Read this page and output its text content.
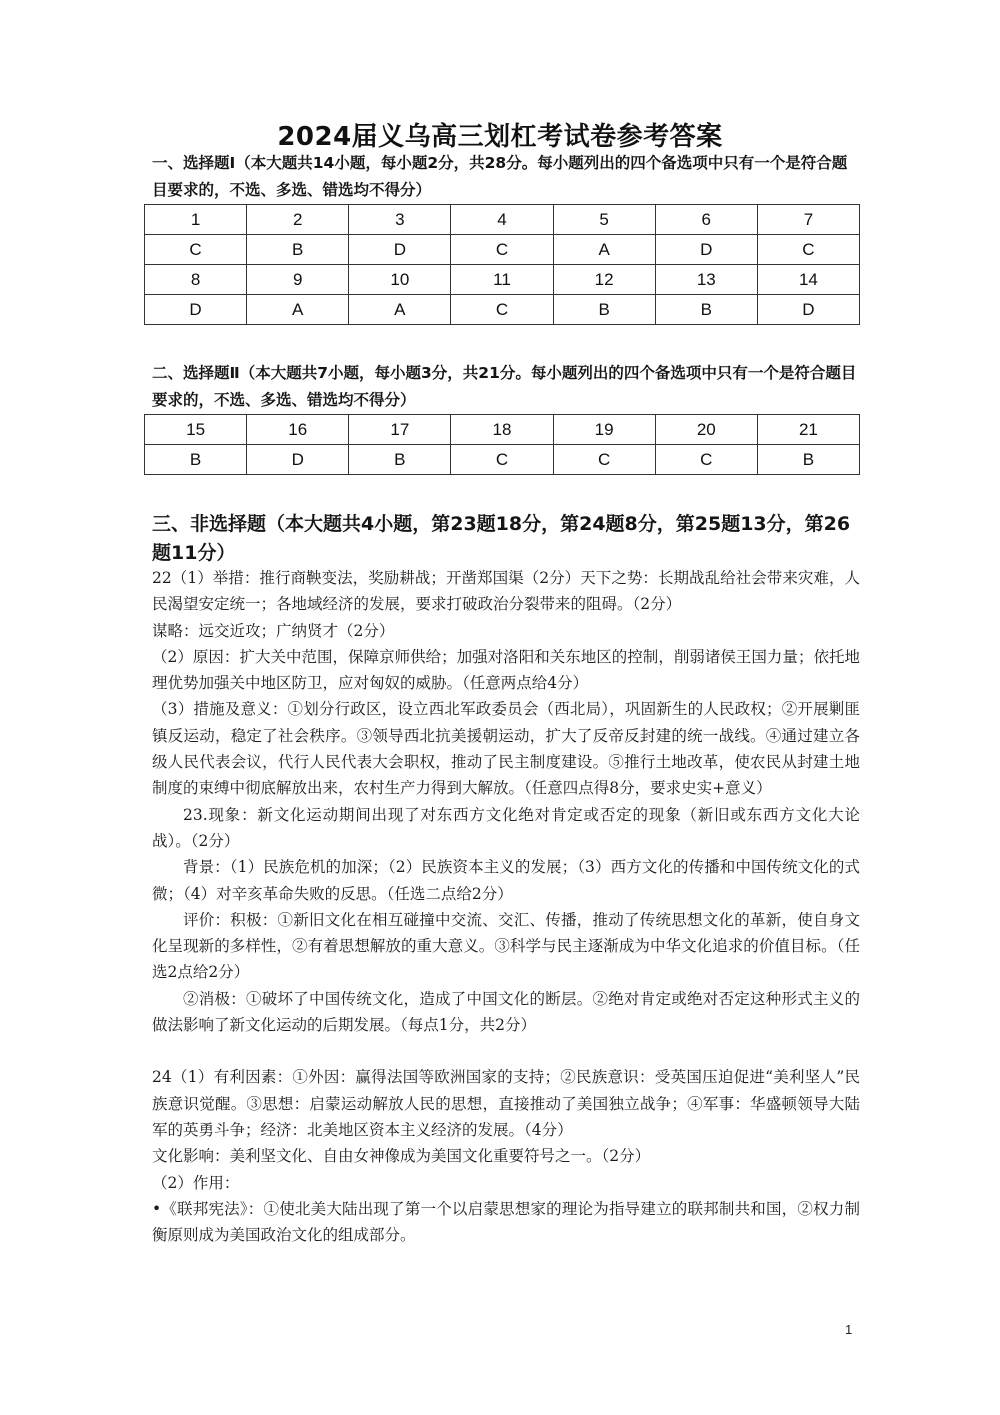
2024届义乌高三划杠考试卷参考答案
一、选择题Ⅰ（本大题共14小题，每小题2分，共28分。每小题列出的四个备选项中只有一个是符合题目要求的，不选、多选、错选均不得分）
1	2	3	4	5	6	7
C	B	D	C	A	D	C
8	9	10	11	12	13	14
D	A	A	C	B	B	D
二、选择题Ⅱ（本大题共7小题，每小题3分，共21分。每小题列出的四个备选项中只有一个是符合题目要求的，不选、多选、错选均不得分）
15	16	17	18	19	20	21
B	D	B	C	C	C	B
三、非选择题（本大题共4小题，第23题18分，第24题8分，第25题13分，第26题11分）

22（1）举措：推行商鞅变法，奖励耕战；开凿郑国渠（2分）天下之势：长期战乱给社会带来灾难，人民渴望安定统一；各地域经济的发展，要求打破政治分裂带来的阻碍。（2分）

谋略：远交近攻；广纳贤才（2分）

（2）原因：扩大关中范围，保障京师供给；加强对洛阳和关东地区的控制，削弱诸侯王国力量；依托地理优势加强关中地区防卫，应对匈奴的威胁。（任意两点给4分）

（3）措施及意义：①划分行政区，设立西北军政委员会（西北局），巩固新生的人民政权；②开展剿匪镇反运动，稳定了社会秩序。③领导西北抗美援朝运动，扩大了反帝反封建的统一战线。④通过建立各级人民代表会议，代行人民代表大会职权，推动了民主制度建设。⑤推行土地改革，使农民从封建土地制度的束缚中彻底解放出来，农村生产力得到大解放。（任意四点得8分，要求史实+意义）

23.现象：新文化运动期间出现了对东西方文化绝对肯定或否定的现象（新旧或东西方文化大论战）。（2分）

背景：（1）民族危机的加深；（2）民族资本主义的发展；（3）西方文化的传播和中国传统文化的式微；（4）对辛亥革命失败的反思。（任选二点给2分）

评价：积极：①新旧文化在相互碰撞中交流、交汇、传播，推动了传统思想文化的革新，使自身文化呈现新的多样性，②有着思想解放的重大意义。③科学与民主逐渐成为中华文化追求的价值目标。（任选2点给2分）

②消极：①破坏了中国传统文化，造成了中国文化的断层。②绝对肯定或绝对否定这种形式主义的做法影响了新文化运动的后期发展。（每点1分，共2分）

24（1）有利因素：①外因：赢得法国等欧洲国家的支持；②民族意识：受英国压迫促进“美利坚人”民族意识觉醒。③思想：启蒙运动解放人民的思想，直接推动了美国独立战争；④军事：华盛顿领导大陆军的英勇斗争；经济：北美地区资本主义经济的发展。（4分）

文化影响：美利坚文化、自由女神像成为美国文化重要符号之一。（2分）

（2）作用：

•《联邦宪法》：①使北美大陆出现了第一个以启蒙思想家的理论为指导建立的联邦制共和国，②权力制衡原则成为美国政治文化的组成部分。

1
